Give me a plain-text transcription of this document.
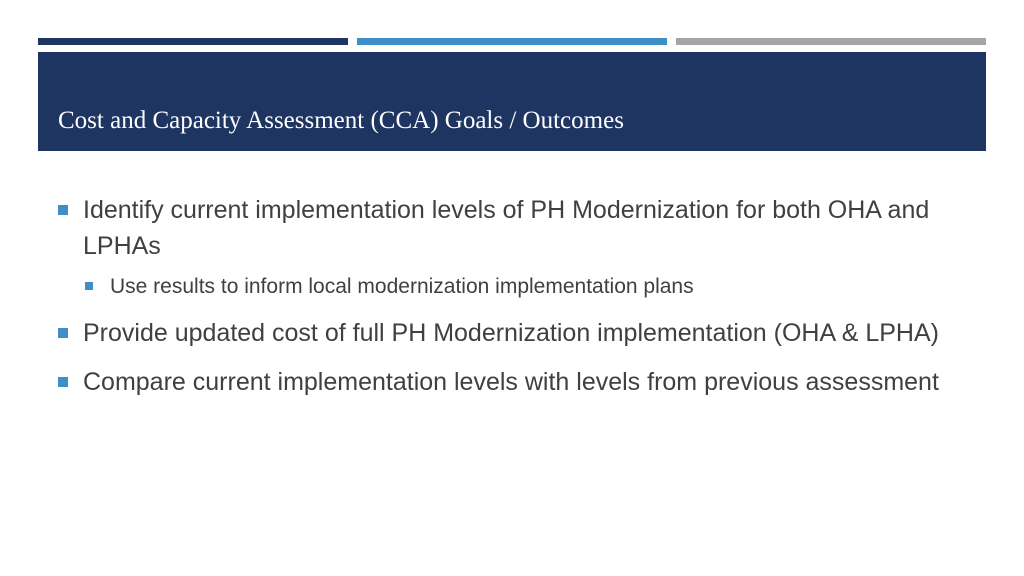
Cost and Capacity Assessment (CCA) Goals / Outcomes
Identify current implementation levels of PH Modernization for both OHA and LPHAs
Use results to inform local modernization implementation plans
Provide updated cost of full PH Modernization implementation (OHA & LPHA)
Compare current implementation levels with levels from previous assessment
